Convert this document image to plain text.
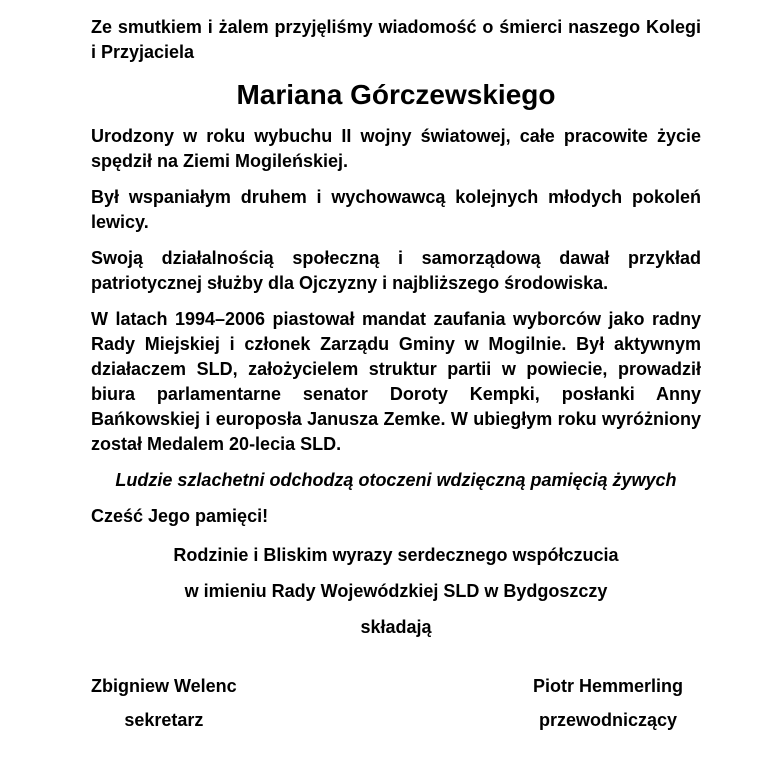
Ze smutkiem i żalem przyjęliśmy wiadomość o śmierci naszego Kolegi i Przyjaciela

Mariana Górczewskiego

Urodzony w roku wybuchu II wojny światowej, całe pracowite życie spędził na Ziemi Mogileńskiej.

Był wspaniałym druhem i wychowawcą kolejnych młodych pokoleń lewicy.

Swoją działalnością społeczną i samorządową dawał przykład patriotycznej służby dla Ojczyzny i najbliższego środowiska.

W latach 1994–2006 piastował mandat zaufania wyborców jako radny Rady Miejskiej i członek Zarządu Gminy w Mogilnie. Był aktywnym działaczem SLD, założycielem struktur partii w powiecie, prowadził biura parlamentarne senator Doroty Kempki, posłanki Anny Bańkowskiej i europosła Janusza Zemke. W ubiegłym roku wyróżniony został Medalem 20-lecia SLD.

Ludzie szlachetni odchodzą otoczeni wdzięczną pamięcią żywych

Cześć Jego pamięci!

Rodzinie i Bliskim wyrazy serdecznego współczucia

w imieniu Rady Wojewódzkiej SLD w Bydgoszczy

składają

Zbigniew Welenc
sekretarz
Piotr Hemmerling
przewodniczący
